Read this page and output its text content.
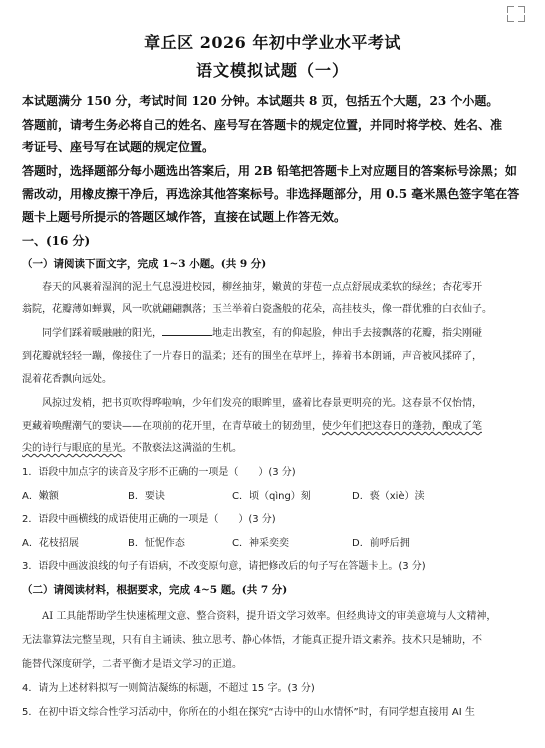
章丘区 2026 年初中学业水平考试
语文模拟试题（一）
本试题满分 150 分，考试时间 120 分钟。本试题共 8 页，包括五个大题，23 个小题。
答题前，请考生务必将自己的姓名、座号写在答题卡的规定位置，并同时将学校、姓名、准
考证号、座号写在试题的规定位置。
答题时，选择题部分每小题选出答案后，用 2B 铅笔把答题卡上对应题目的答案标号涂黑；如
需改动，用橡皮擦干净后，再选涂其他答案标号。非选择题部分，用 0.5 毫米黑色签字笔在答
题卡上题号所提示的答题区域作答，直接在试题上作答无效。
一、(16 分)
（一）请阅读下面文字，完成 1~3 小题。(共 9 分)
春天的风裹着湿润的泥土气息漫进校园，柳丝抽芽，嫩黄的芽苞一点点舒展成柔软的绿丝；杏花零开
翁院，花瓣薄如蝉翼，风一吹就翩翩飘落；玉兰举着白瓷盏般的花朵，高挂枝头，像一群优雅的白衣仙子。
同学们踩着暖融融的阳光，	地走出教室，有的仰起脸，伸出手去接飘落的花瓣，指尖刚碰
到花瓣就轻轻一蹦，像接住了一片春日的温柔；还有的围坐在草坪上，捧着书本朗诵，声音被风揉碎了，
混着花香飘向远处。
风掠过发梢，把书页吹得哗啦响，少年们发亮的眼眸里，盛着比春景更明亮的光。这春景不仅怡情，
更藏着唤醒潮气的要诀——在项前的花开里，在青草破土的韧劲里，使少年们把这春日的蓬勃，酿成了笔
尖的诗行与眼底的星光。不散亵法这满溢的生机。
1．语段中加点字的读音及字形不正确的一项是（　　）(3 分)
A．嫩额	B．要诀	C．顷（qìng）刻	D．亵（xiè）渎
2．语段中画横线的成语使用正确的一项是（　　）(3 分)
A．花枝招展	B．怔怩作态	C．神采奕奕	D．前呼后拥
3．语段中画波浪线的句子有语病，不改变原句意，请把修改后的句子写在答题卡上。(3 分)
（二）请阅读材料，根据要求，完成 4~5 题。(共 7 分)
AI 工具能帮助学生快速梳理文意、整合资料，提升语文学习效率。但经典诗文的审美意境与人文精神，
无法靠算法完整呈现，只有自主诵读、独立思考、静心体悟，才能真正提升语文素养。技术只是辅助，不
能替代深度研学，二者平衡才是语文学习的正道。
4．请为上述材料拟写一则简洁凝练的标题，不超过 15 字。(3 分)
5．在初中语文综合性学习活动中，你所在的小组在探究“古诗中的山水情怀”时，有同学想直接用 AI 生
